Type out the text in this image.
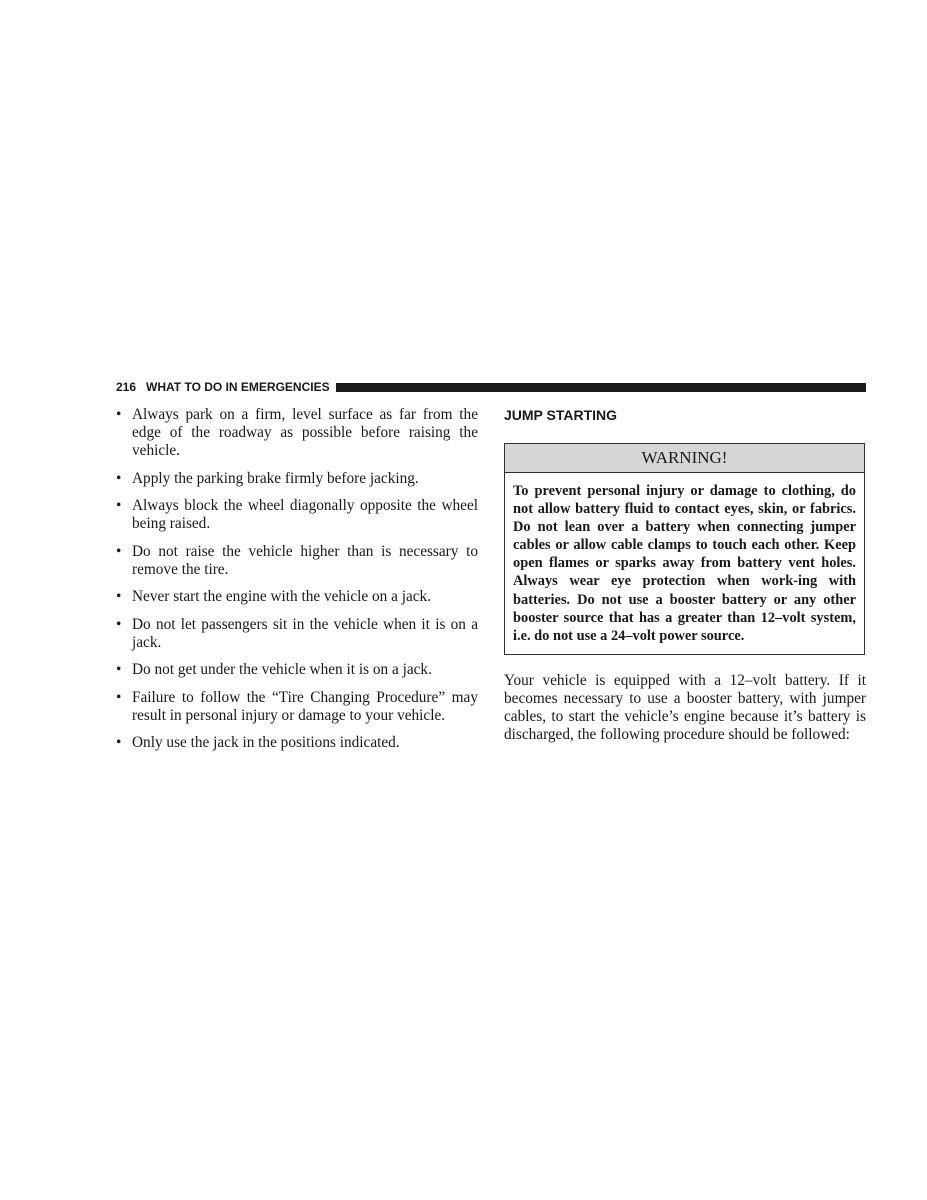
216 WHAT TO DO IN EMERGENCIES
• Always park on a firm, level surface as far from the edge of the roadway as possible before raising the vehicle.
• Apply the parking brake firmly before jacking.
• Always block the wheel diagonally opposite the wheel being raised.
• Do not raise the vehicle higher than is necessary to remove the tire.
• Never start the engine with the vehicle on a jack.
• Do not let passengers sit in the vehicle when it is on a jack.
• Do not get under the vehicle when it is on a jack.
• Failure to follow the “Tire Changing Procedure” may result in personal injury or damage to your vehicle.
• Only use the jack in the positions indicated.
JUMP STARTING
WARNING!
To prevent personal injury or damage to clothing, do not allow battery fluid to contact eyes, skin, or fabrics. Do not lean over a battery when connecting jumper cables or allow cable clamps to touch each other. Keep open flames or sparks away from battery vent holes. Always wear eye protection when work-ing with batteries. Do not use a booster battery or any other booster source that has a greater than 12–volt system, i.e. do not use a 24–volt power source.

Your vehicle is equipped with a 12–volt battery. If it becomes necessary to use a booster battery, with jumper cables, to start the vehicle’s engine because it’s battery is discharged, the following procedure should be followed:
